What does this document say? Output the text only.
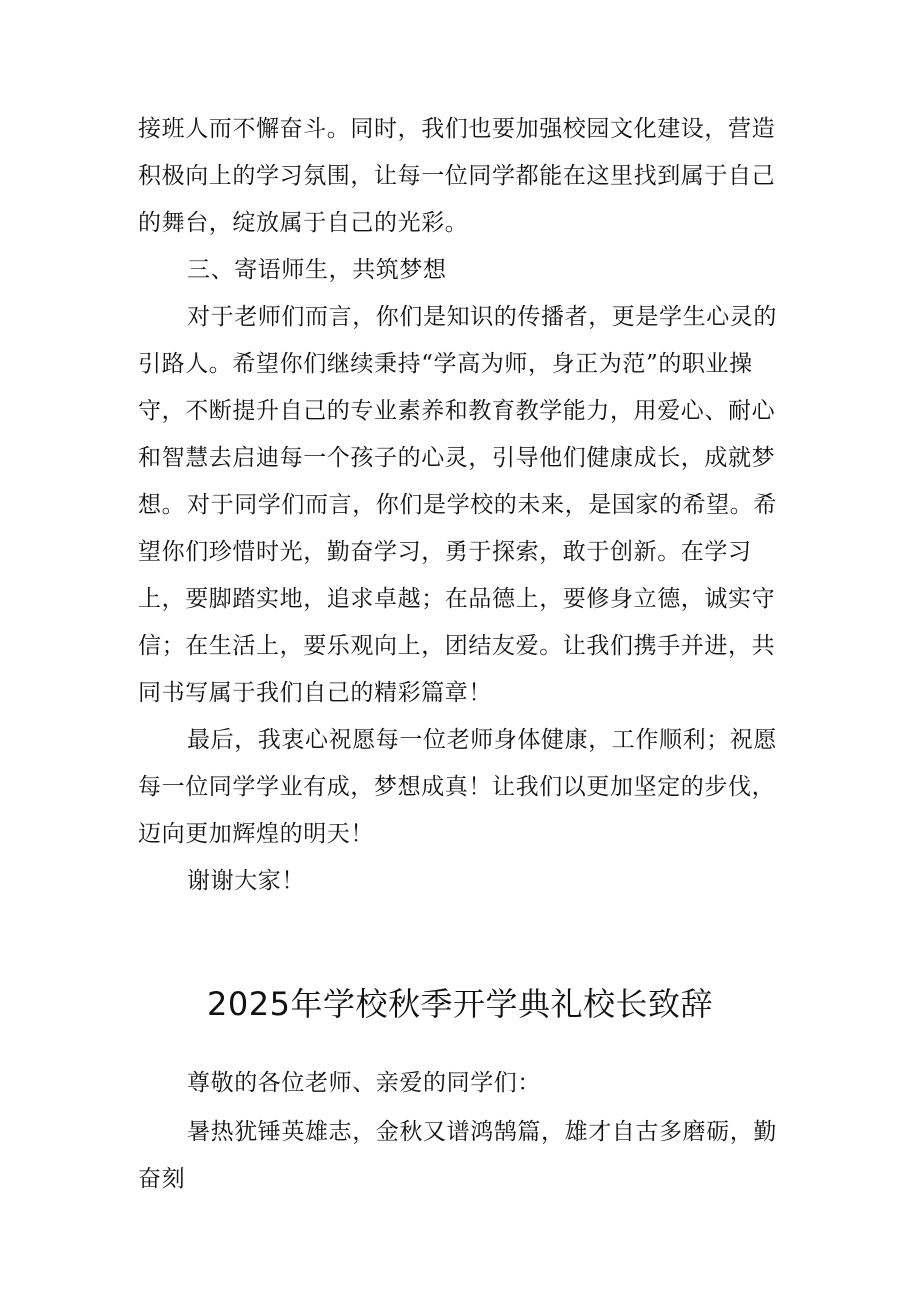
接班人而不懈奋斗。同时，我们也要加强校园文化建设，营造积极向上的学习氛围，让每一位同学都能在这里找到属于自己的舞台，绽放属于自己的光彩。

三、寄语师生，共筑梦想

对于老师们而言，你们是知识的传播者，更是学生心灵的引路人。希望你们继续秉持“学高为师，身正为范”的职业操守，不断提升自己的专业素养和教育教学能力，用爱心、耐心和智慧去启迪每一个孩子的心灵，引导他们健康成长，成就梦想。 对于同学们而言，你们是学校的未来，是国家的希望。希望你们珍惜时光，勤奋学习，勇于探索，敢于创新。在学习上，要脚踏实地，追求卓越；在品德上，要修身立德，诚实守信；在生活上，要乐观向上，团结友爱。让我们携手并进，共同书写属于我们自己的精彩篇章！

最后，我衷心祝愿每一位老师身体健康，工作顺利；祝愿每一位同学学业有成，梦想成真！让我们以更加坚定的步伐，迈向更加辉煌的明天！

谢谢大家！

2025年学校秋季开学典礼校长致辞

尊敬的各位老师、亲爱的同学们：

暑热犹锤英雄志，金秋又谱鸿鹄篇，雄才自古多磨砺，勤奋刻
